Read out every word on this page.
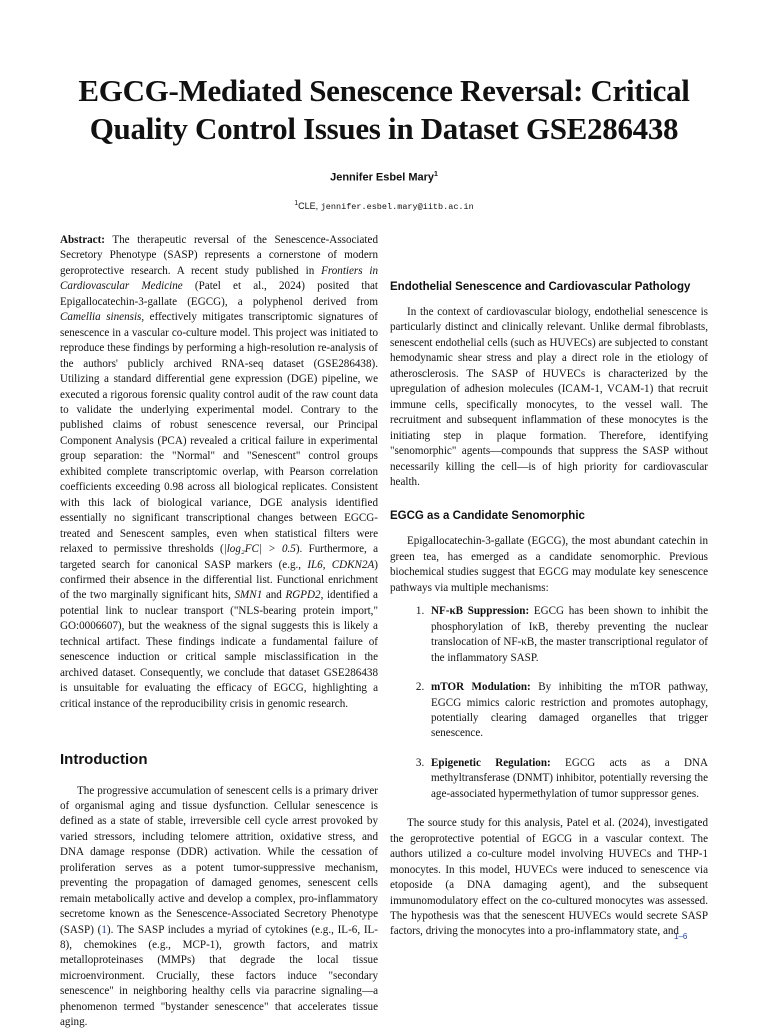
EGCG-Mediated Senescence Reversal: Critical Quality Control Issues in Dataset GSE286438
Jennifer Esbel Mary$^1$
$^1$CLE, jennifer.esbel.mary@iitb.ac.in

Abstract: The therapeutic reversal of the Senescence-Associated Secretory Phenotype (SASP) represents a cornerstone of modern geroprotective research. A recent study published in Frontiers in Cardiovascular Medicine (Patel et al., 2024) posited that Epigallocatechin-3-gallate (EGCG), a polyphenol derived from Camellia sinensis, effectively mitigates transcriptomic signatures of senescence in a vascular co-culture model. This project was initiated to reproduce these findings by performing a high-resolution re-analysis of the authors' publicly archived RNA-seq dataset (GSE286438). Utilizing a standard differential gene expression (DGE) pipeline, we executed a rigorous forensic quality control audit of the raw count data to validate the underlying experimental model. Contrary to the published claims of robust senescence reversal, our Principal Component Analysis (PCA) revealed a critical failure in experimental group separation: the "Normal" and "Senescent" control groups exhibited complete transcriptomic overlap, with Pearson correlation coefficients exceeding 0.98 across all biological replicates. Consistent with this lack of biological variance, DGE analysis identified essentially no significant transcriptional changes between EGCG-treated and Senescent samples, even when statistical filters were relaxed to permissive thresholds (|log₂FC| > 0.5). Furthermore, a targeted search for canonical SASP markers (e.g., IL6, CDKN2A) confirmed their absence in the differential list. Functional enrichment of the two marginally significant hits, SMN1 and RGPD2, identified a potential link to nuclear transport ("NLS-bearing protein import," GO:0006607), but the weakness of the signal suggests this is likely a technical artifact. These findings indicate a fundamental failure of senescence induction or critical sample misclassification in the archived dataset. Consequently, we conclude that dataset GSE286438 is unsuitable for evaluating the efficacy of EGCG, highlighting a critical instance of the reproducibility crisis in genomic research.

Introduction

The progressive accumulation of senescent cells is a primary driver of organismal aging and tissue dysfunction. Cellular senescence is defined as a state of stable, irreversible cell cycle arrest provoked by varied stressors, including telomere attrition, oxidative stress, and DNA damage response (DDR) activation. While the cessation of proliferation serves as a potent tumor-suppressive mechanism, preventing the propagation of damaged genomes, senescent cells remain metabolically active and develop a complex, pro-inflammatory secretome known as the Senescence-Associated Secretory Phenotype (SASP) (1). The SASP includes a myriad of cytokines (e.g., IL-6, IL-8), chemokines (e.g., MCP-1), growth factors, and matrix metalloproteinases (MMPs) that degrade the local tissue microenvironment. Crucially, these factors induce "secondary senescence" in neighboring healthy cells via paracrine signaling—a phenomenon termed "bystander senescence" that accelerates tissue aging.

Endothelial Senescence and Cardiovascular Pathology

In the context of cardiovascular biology, endothelial senescence is particularly distinct and clinically relevant. Unlike dermal fibroblasts, senescent endothelial cells (such as HUVECs) are subjected to constant hemodynamic shear stress and play a direct role in the etiology of atherosclerosis. The SASP of HUVECs is characterized by the upregulation of adhesion molecules (ICAM-1, VCAM-1) that recruit immune cells, specifically monocytes, to the vessel wall. The recruitment and subsequent inflammation of these monocytes is the initiating step in plaque formation. Therefore, identifying "senomorphic" agents—compounds that suppress the SASP without necessarily killing the cell—is of high priority for cardiovascular health.

EGCG as a Candidate Senomorphic

Epigallocatechin-3-gallate (EGCG), the most abundant catechin in green tea, has emerged as a candidate senomorphic. Previous biochemical studies suggest that EGCG may modulate key senescence pathways via multiple mechanisms:

1. NF-κB Suppression: EGCG has been shown to inhibit the phosphorylation of IκB, thereby preventing the nuclear translocation of NF-κB, the master transcriptional regulator of the inflammatory SASP.
2. mTOR Modulation: By inhibiting the mTOR pathway, EGCG mimics caloric restriction and promotes autophagy, potentially clearing damaged organelles that trigger senescence.
3. Epigenetic Regulation: EGCG acts as a DNA methyltransferase (DNMT) inhibitor, potentially reversing the age-associated hypermethylation of tumor suppressor genes.

The source study for this analysis, Patel et al. (2024), investigated the geroprotective potential of EGCG in a vascular context. The authors utilized a co-culture model involving HUVECs and THP-1 monocytes. In this model, HUVECs were induced to senescence via etoposide (a DNA damaging agent), and the subsequent immunomodulatory effect on the co-cultured monocytes was assessed. The hypothesis was that the senescent HUVECs would secrete SASP factors, driving the monocytes into a pro-inflammatory state, and

1–6
